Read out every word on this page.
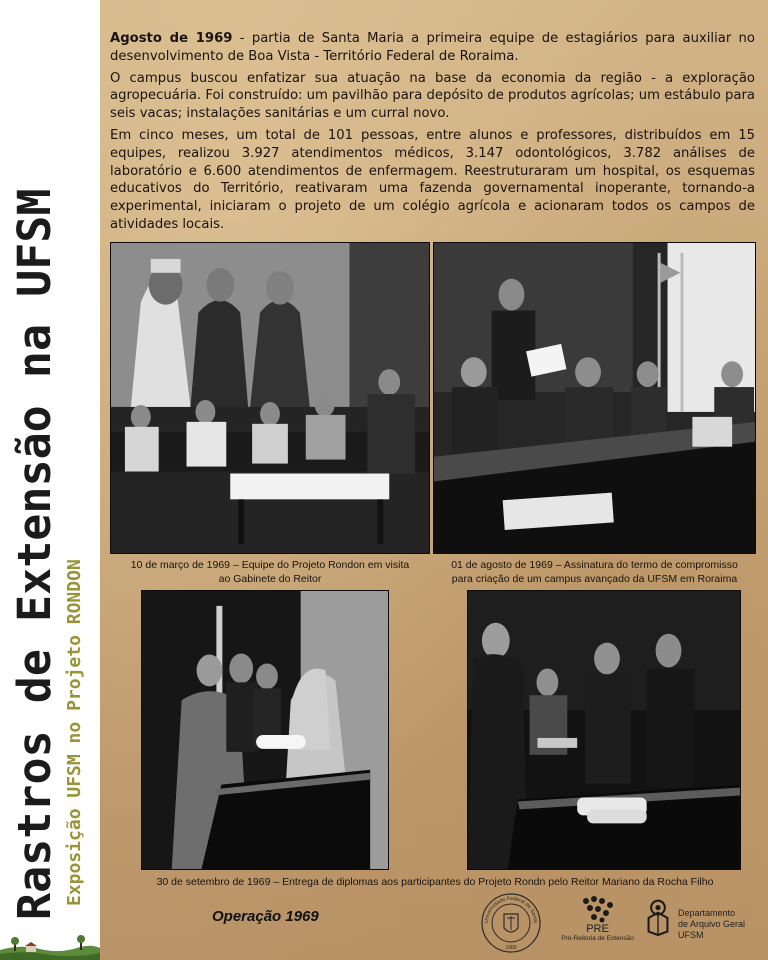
Rastros de Extensão na UFSM Exposição UFSM no Projeto RONDON

Agosto de 1969 - partia de Santa Maria a primeira equipe de estagiários para auxiliar no desenvolvimento de Boa Vista - Território Federal de Roraima.

O campus buscou enfatizar sua atuação na base da economia da região - a exploração agropecuária. Foi construído: um pavilhão para depósito de produtos agrícolas; um estábulo para seis vacas; instalações sanitárias e um curral novo.

Em cinco meses, um total de 101 pessoas, entre alunos e professores, distribuídos em 15 equipes, realizou 3.927 atendimentos médicos, 3.147 odontológicos, 3.782 análises de laboratório e 6.600 atendimentos de enfermagem. Reestruturaram um hospital, os esquemas educativos do Território, reativaram uma fazenda governamental inoperante, tornando-a experimental, iniciaram o projeto de um colégio agrícola e acionaram todos os campos de atividades locais.

10 de março de 1969 – Equipe do Projeto Rondon em visita
ao Gabinete do Reitor
01 de agosto de 1969 – Assinatura do termo de compromisso
para criação de um campus avançado da UFSM em Roraima
30 de setembro de 1969 – Entrega de diplomas aos participantes do Projeto Rondn pelo Reitor Mariano da Rocha Filho
Operação 1969	Universidade Federal de Santa
1960
PRE
Pró-Reitoria de Extensão
Departamento
de Arquivo Geral
UFSM
